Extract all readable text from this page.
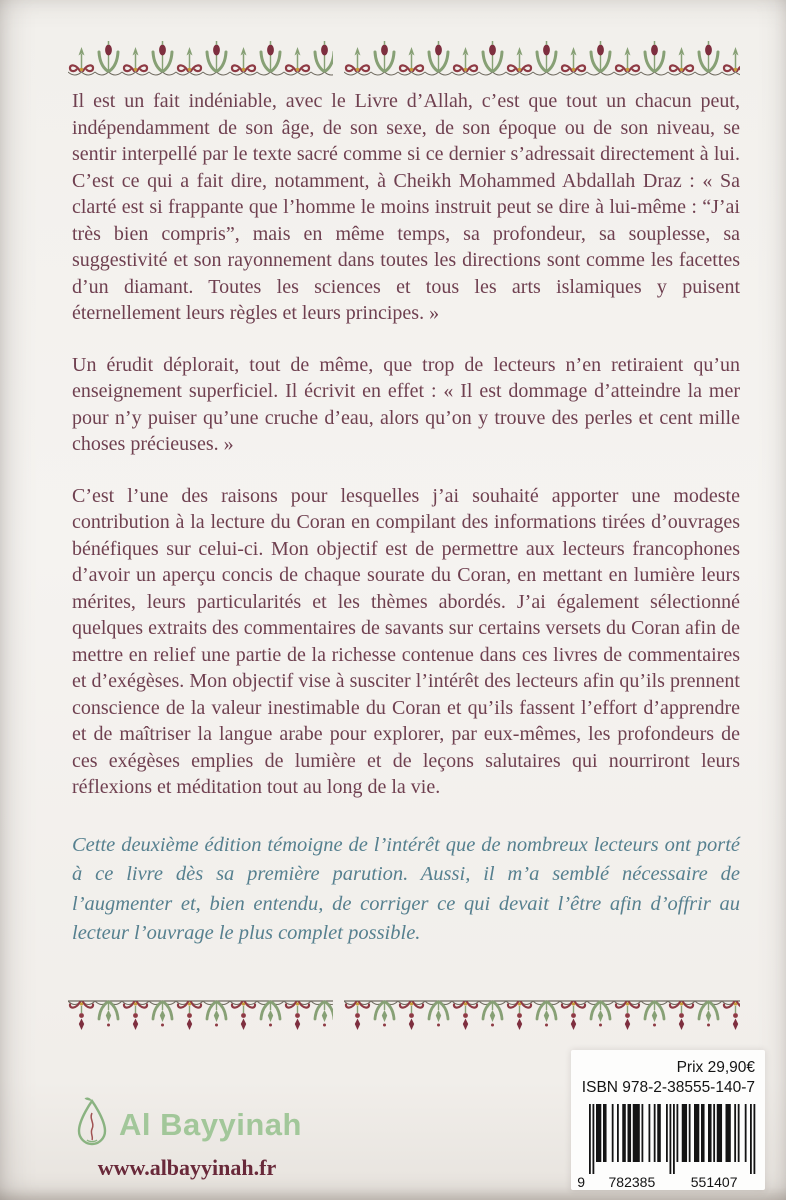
Il est un fait indéniable, avec le Livre d’Allah, c’est que tout un chacun peut, indépendamment de son âge, de son sexe, de son époque ou de son niveau, se sentir interpellé par le texte sacré comme si ce dernier s’adressait directement à lui. C’est ce qui a fait dire, notamment, à Cheikh Mohammed Abdallah Draz : « Sa clarté est si frappante que l’homme le moins instruit peut se dire à lui-même : “J’ai très bien compris”, mais en même temps, sa profondeur, sa souplesse, sa suggestivité et son rayonnement dans toutes les directions sont comme les facettes d’un diamant. Toutes les sciences et tous les arts islamiques y puisent éternellement leurs règles et leurs principes. »

Un érudit déplorait, tout de même, que trop de lecteurs n’en retiraient qu’un enseignement superficiel. Il écrivit en effet : « Il est dommage d’atteindre la mer pour n’y puiser qu’une cruche d’eau, alors qu’on y trouve des perles et cent mille choses précieuses. »

C’est l’une des raisons pour lesquelles j’ai souhaité apporter une modeste contribution à la lecture du Coran en compilant des informations tirées d’ouvrages bénéfiques sur celui-ci. Mon objectif est de permettre aux lecteurs francophones d’avoir un aperçu concis de chaque sourate du Coran, en mettant en lumière leurs mérites, leurs particularités et les thèmes abordés. J’ai également sélectionné quelques extraits des commentaires de savants sur certains versets du Coran afin de mettre en relief une partie de la richesse contenue dans ces livres de commentaires et d’exégèses. Mon objectif vise à susciter l’intérêt des lecteurs afin qu’ils prennent conscience de la valeur inestimable du Coran et qu’ils fassent l’effort d’apprendre et de maîtriser la langue arabe pour explorer, par eux-mêmes, les profondeurs de ces exégèses emplies de lumière et de leçons salutaires qui nourriront leurs réflexions et méditation tout au long de la vie.

Cette deuxième édition témoigne de l’intérêt que de nombreux lecteurs ont porté à ce livre dès sa première parution. Aussi, il m’a semblé nécessaire de l’augmenter et, bien entendu, de corriger ce qui devait l’être afin d’offrir au lecteur l’ouvrage le plus complet possible.

Al Bayyinah
www.albayyinah.fr
Prix 29,90€
ISBN 978-2-38555-140-7
9 782385	551407
